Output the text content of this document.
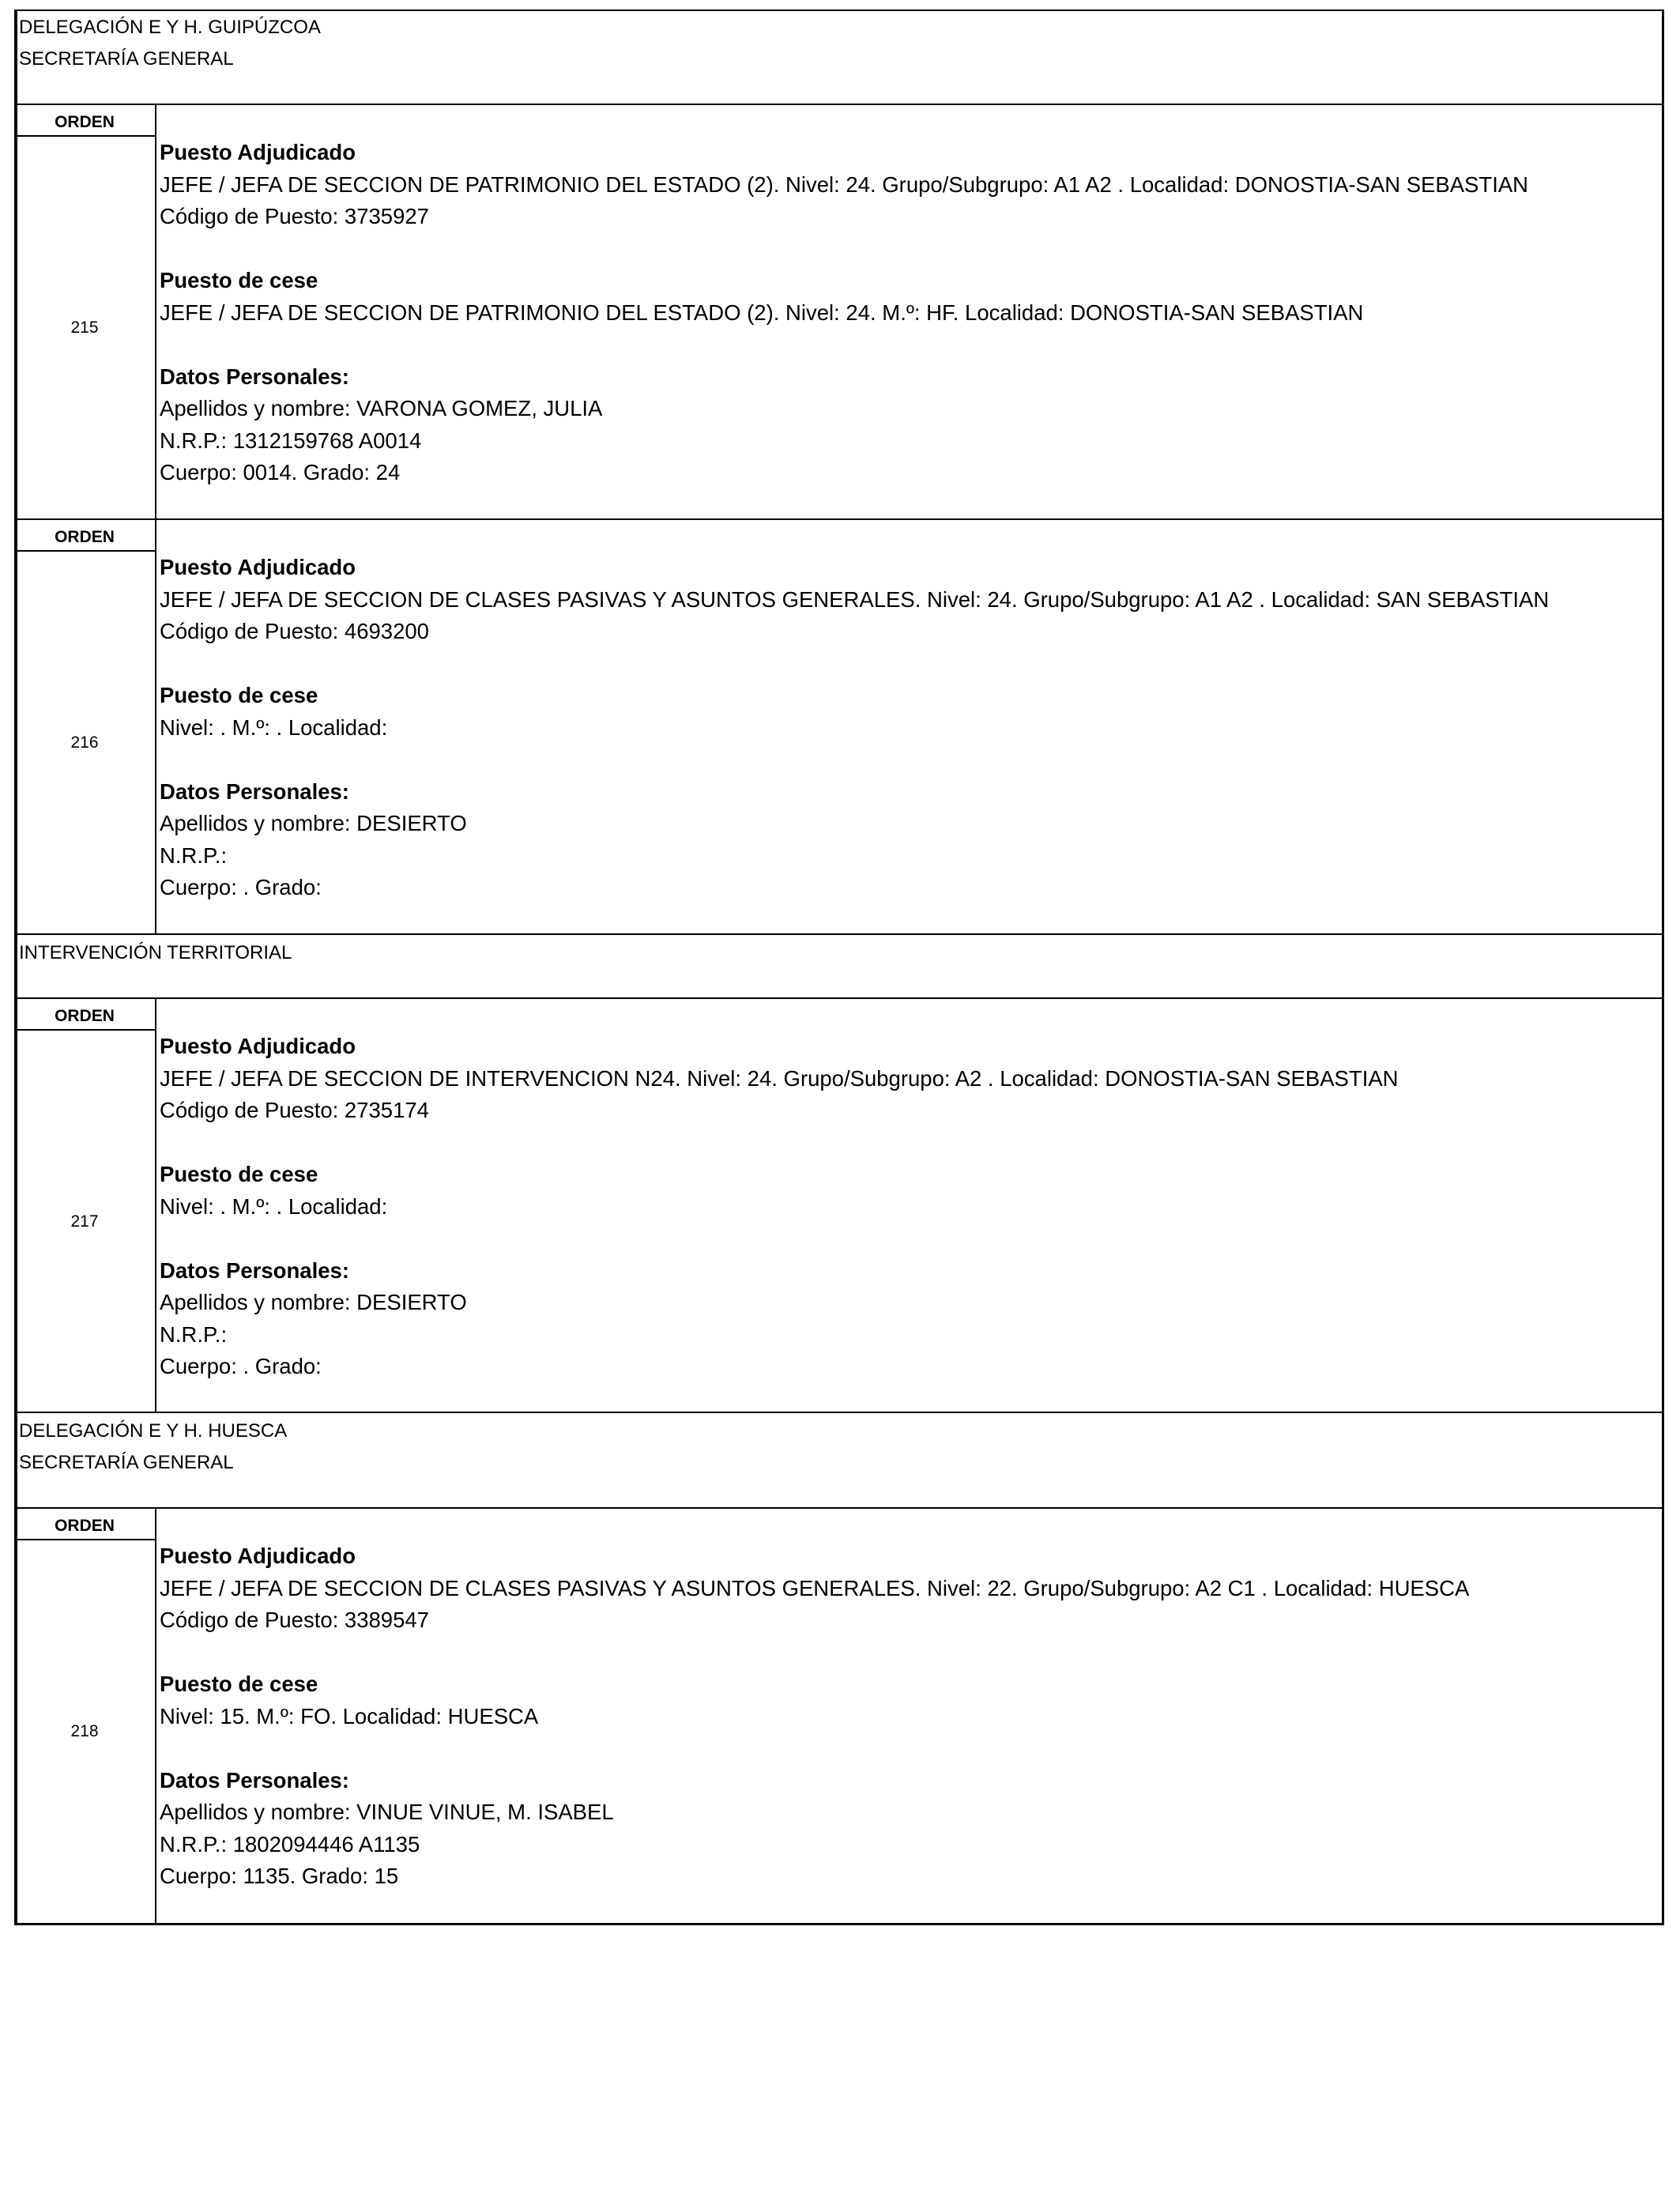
DELEGACIÓN E Y H. GUIPÚZCOA
SECRETARÍA GENERAL
ORDEN
215
Puesto Adjudicado
JEFE / JEFA DE SECCION DE PATRIMONIO DEL ESTADO (2). Nivel: 24. Grupo/Subgrupo: A1 A2 . Localidad: DONOSTIA-SAN SEBASTIAN
Código de Puesto: 3735927
Puesto de cese
JEFE / JEFA DE SECCION DE PATRIMONIO DEL ESTADO (2). Nivel: 24. M.º: HF. Localidad: DONOSTIA-SAN SEBASTIAN
Datos Personales:
Apellidos y nombre: VARONA GOMEZ, JULIA
N.R.P.: 1312159768 A0014
Cuerpo: 0014. Grado: 24
ORDEN
216
Puesto Adjudicado
JEFE / JEFA DE SECCION DE CLASES PASIVAS Y ASUNTOS GENERALES. Nivel: 24. Grupo/Subgrupo: A1 A2 . Localidad: SAN SEBASTIAN
Código de Puesto: 4693200
Puesto de cese
Nivel: . M.º: . Localidad:
Datos Personales:
Apellidos y nombre: DESIERTO
N.R.P.:
Cuerpo: . Grado:
INTERVENCIÓN TERRITORIAL
ORDEN
217
Puesto Adjudicado
JEFE / JEFA DE SECCION DE INTERVENCION N24. Nivel: 24. Grupo/Subgrupo: A2 . Localidad: DONOSTIA-SAN SEBASTIAN
Código de Puesto: 2735174
Puesto de cese
Nivel: . M.º: . Localidad:
Datos Personales:
Apellidos y nombre: DESIERTO
N.R.P.:
Cuerpo: . Grado:
DELEGACIÓN E Y H. HUESCA
SECRETARÍA GENERAL
ORDEN
218
Puesto Adjudicado
JEFE / JEFA DE SECCION DE CLASES PASIVAS Y ASUNTOS GENERALES. Nivel: 22. Grupo/Subgrupo: A2 C1 . Localidad: HUESCA
Código de Puesto: 3389547
Puesto de cese
Nivel: 15. M.º: FO. Localidad: HUESCA
Datos Personales:
Apellidos y nombre: VINUE VINUE, M. ISABEL
N.R.P.: 1802094446 A1135
Cuerpo: 1135. Grado: 15
